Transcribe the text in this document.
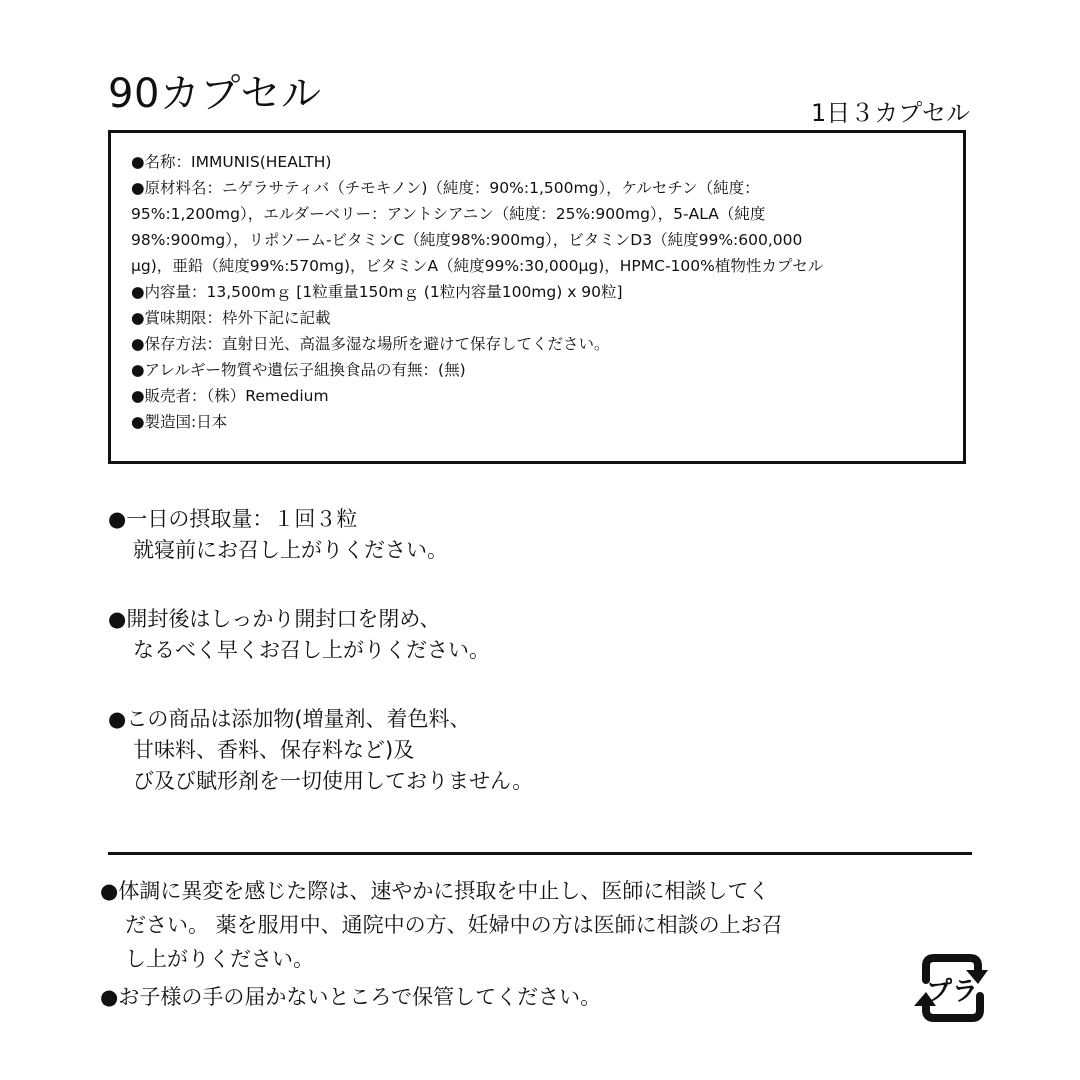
90カプセル	1日３カプセル
●名称：IMMUNIS(HEALTH)
●原材料名：ニゲラサティバ（チモキノン)（純度：90%:1,500mg），ケルセチン（純度：
95%:1,200mg），エルダーベリー：アントシアニン（純度：25%:900mg），5-ALA（純度
98%:900mg），リポソーム-ビタミンC（純度98%:900mg），ビタミンD3（純度99%:600,000
μg)，亜鉛（純度99%:570mg)，ビタミンA（純度99%:30,000μg)，HPMC-100%植物性カプセル
●内容量：13,500mｇ [1粒重量150mｇ (1粒内容量100mg) x 90粒]
●賞味期限：枠外下記に記載
●保存方法：直射日光、高温多湿な場所を避けて保存してください。
●アレルギー物質や遺伝子組換食品の有無：(無)
●販売者：（株）Remedium
●製造国:日本
●一日の摂取量：１回３粒
就寝前にお召し上がりください。
●開封後はしっかり開封口を閉め、
なるべく早くお召し上がりください。
●この商品は添加物(増量剤、着色料、
甘味料、香料、保存料など)及
び及び賦形剤を一切使用しておりません。
●体調に異変を感じた際は、速やかに摂取を中止し、医師に相談してく
ださい。 薬を服用中、通院中の方、妊婦中の方は医師に相談の上お召
し上がりください。
●お子様の手の届かないところで保管してください。	プラ
